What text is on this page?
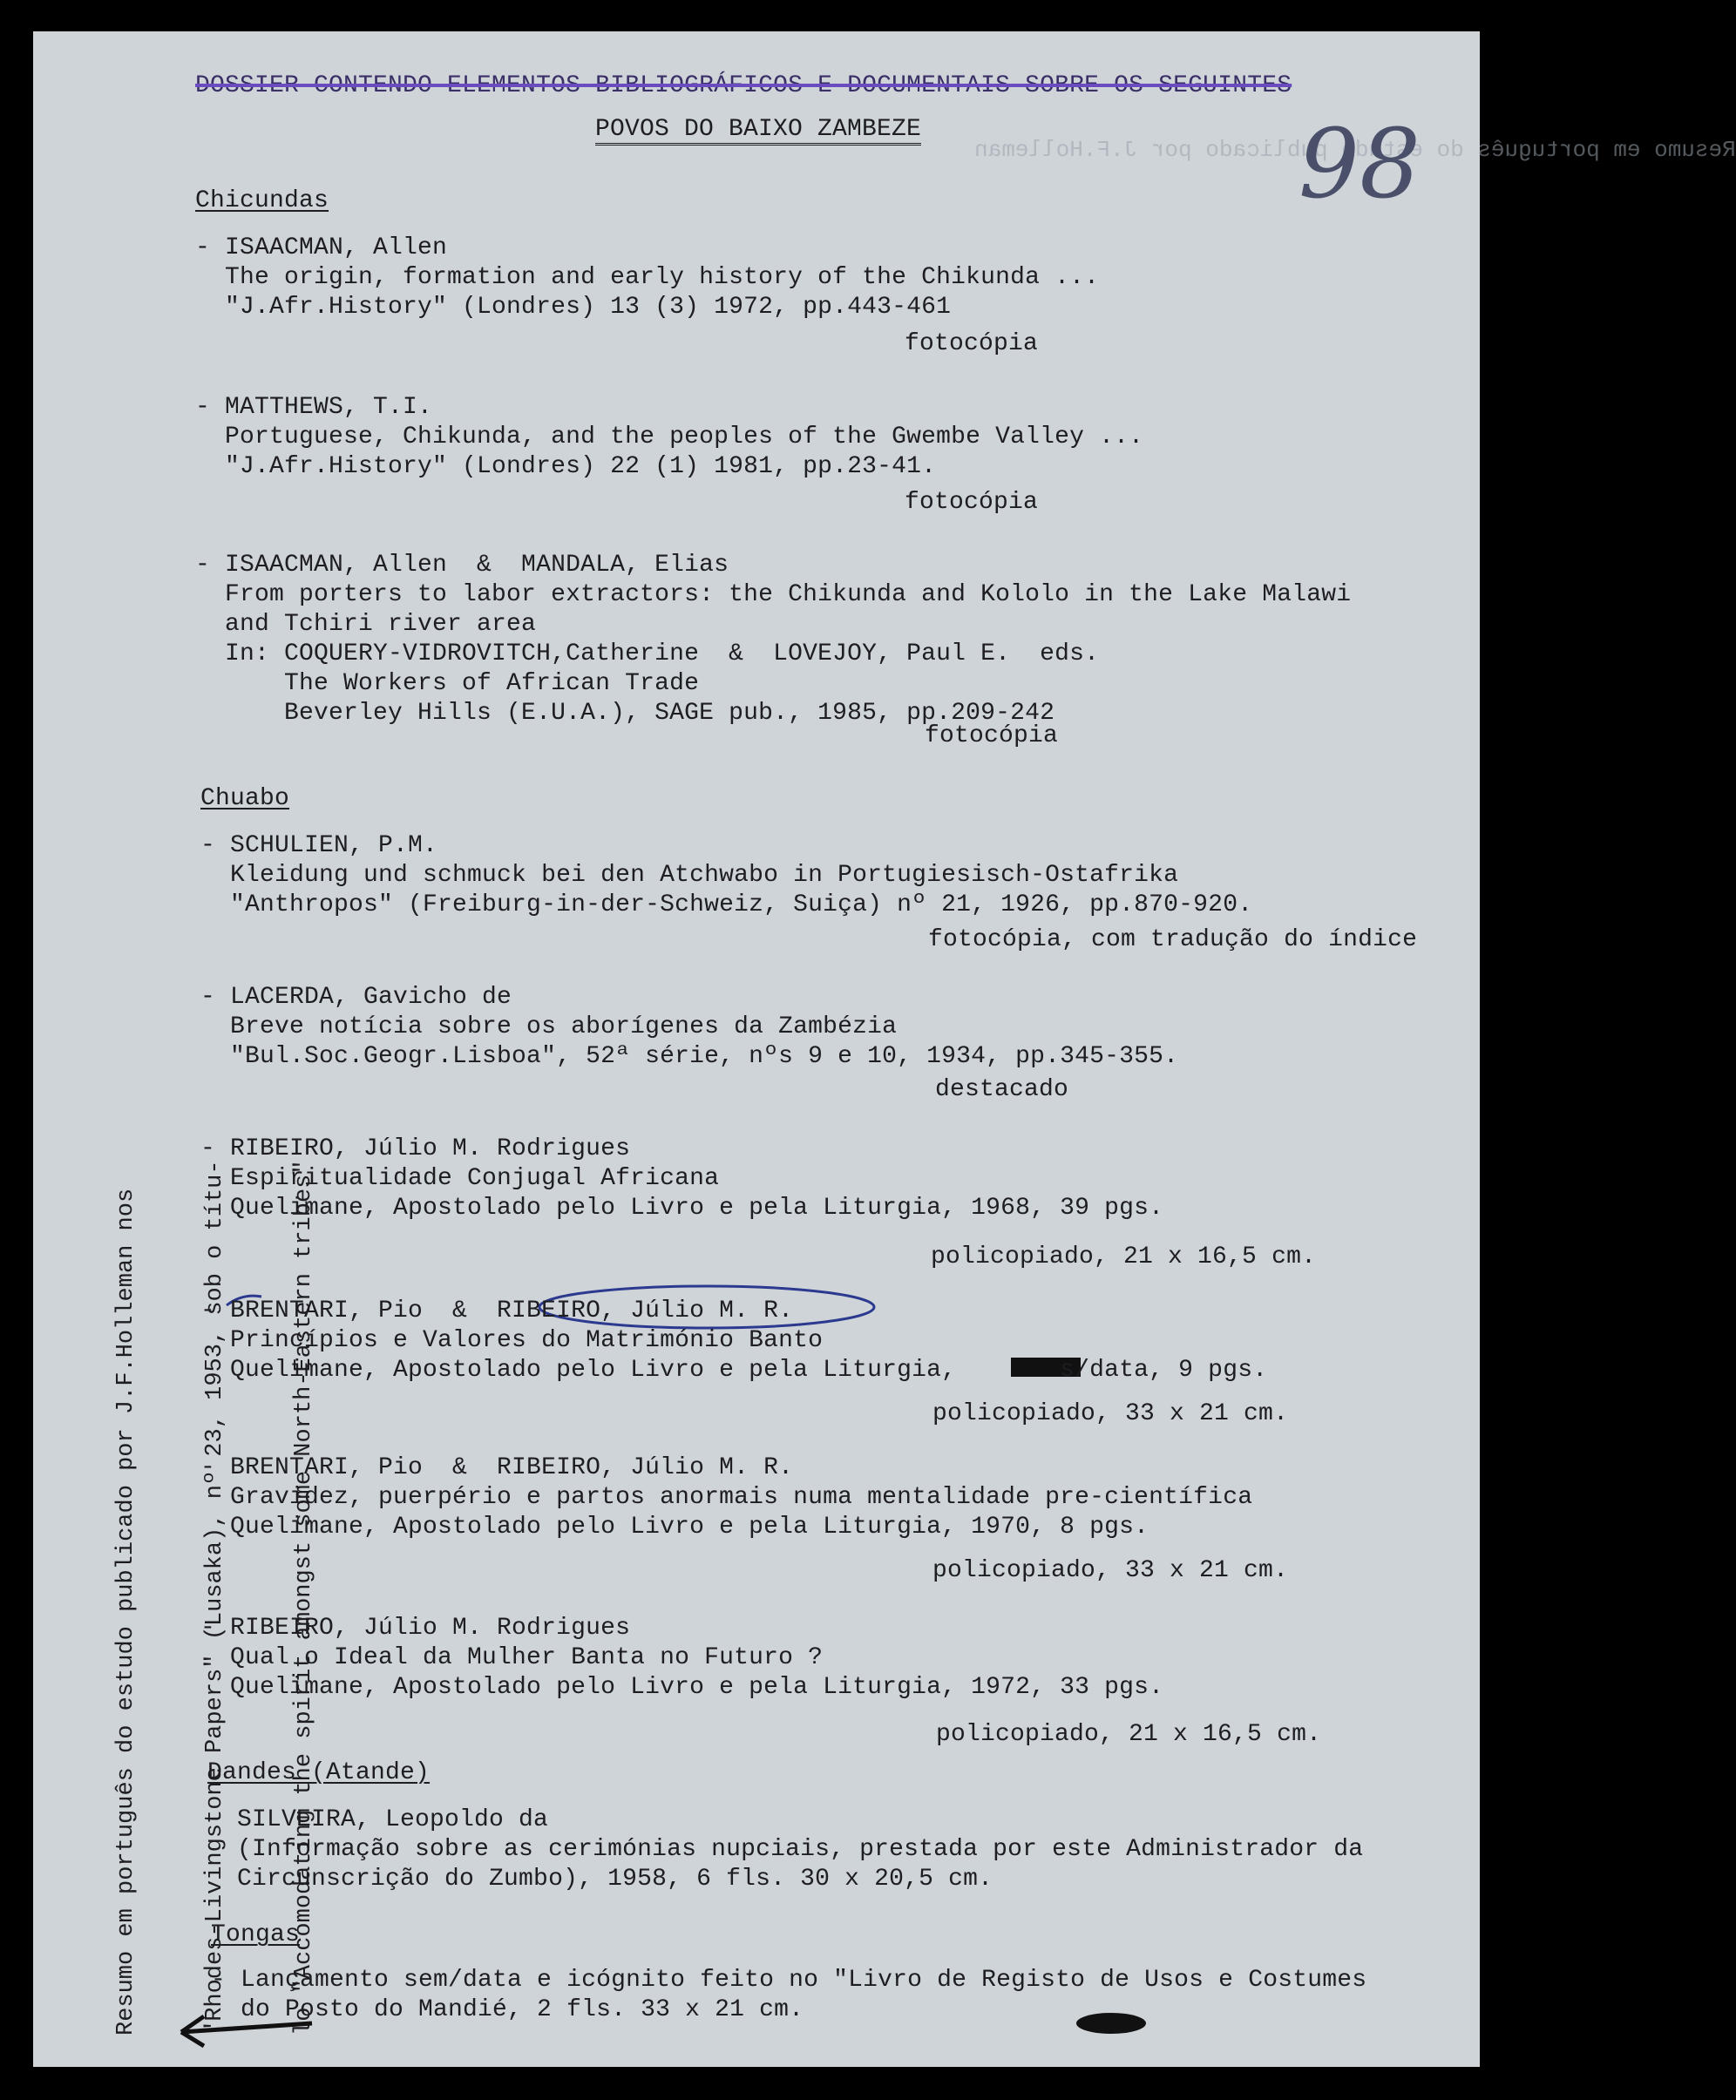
Resumo em português do estudo publicado por J.F.Holleman
98
DOSSIER CONTENDO ELEMENTOS BIBLIOGRÁFICOS E DOCUMENTAIS SOBRE OS SEGUINTES
POVOS DO BAIXO ZAMBEZE

Resumo em português do estudo publicado por J.F.Holleman nos

	"Rhodes-Livingstone Papers" (Lusaka), nº 23, 1953, sob o títu-

	lo "Accomodating the spirit amongst some North-Eastern tribes"

Chicundas
- ISAACMAN, Allen
The origin, formation and early history of the Chikunda ...
"J.Afr.History" (Londres) 13 (3) 1972, pp.443-461
fotocópia
- MATTHEWS, T.I.
Portuguese, Chikunda, and the peoples of the Gwembe Valley ...
"J.Afr.History" (Londres) 22 (1) 1981, pp.23-41.
fotocópia
- ISAACMAN, Allen  &  MANDALA, Elias
From porters to labor extractors: the Chikunda and Kololo in the Lake Malawi
and Tchiri river area
In: COQUERY-VIDROVITCH,Catherine  &  LOVEJOY, Paul E.  eds.
The Workers of African Trade
Beverley Hills (E.U.A.), SAGE pub., 1985, pp.209-242
fotocópia
Chuabo
- SCHULIEN, P.M.
Kleidung und schmuck bei den Atchwabo in Portugiesisch-Ostafrika
"Anthropos" (Freiburg-in-der-Schweiz, Suiça) nº 21, 1926, pp.870-920.
fotocópia, com tradução do índice
- LACERDA, Gavicho de
Breve notícia sobre os aborígenes da Zambézia
"Bul.Soc.Geogr.Lisboa", 52ª série, nºs 9 e 10, 1934, pp.345-355.
destacado
- RIBEIRO, Júlio M. Rodrigues
Espiritualidade Conjugal Africana
Quelimane, Apostolado pelo Livro e pela Liturgia, 1968, 39 pgs.
policopiado, 21 x 16,5 cm.
- BRENTARI, Pio  &  RIBEIRO, Júlio M. R.
Princípios e Valores do Matrimónio Banto
Quelimane, Apostolado pelo Livro e pela Liturgia,       s/data, 9 pgs.
policopiado, 33 x 21 cm.
- BRENTARI, Pio  &  RIBEIRO, Júlio M. R.
Gravidez, puerpério e partos anormais numa mentalidade pre-científica
Quelimane, Apostolado pelo Livro e pela Liturgia, 1970, 8 pgs.
policopiado, 33 x 21 cm.
- RIBEIRO, Júlio M. Rodrigues
Qual o Ideal da Mulher Banta no Futuro ?
Quelimane, Apostolado pelo Livro e pela Liturgia, 1972, 33 pgs.
policopiado, 21 x 16,5 cm.
Dandes (Atande)
- SILVEIRA, Leopoldo da
(Informação sobre as cerimónias nupciais, prestada por este Administrador da
Circunscrição do Zumbo), 1958, 6 fls. 30 x 20,5 cm.
Tongas
- Lançamento sem/data e icógnito feito no "Livro de Registo de Usos e Costumes
do Posto do Mandié, 2 fls. 33 x 21 cm.
